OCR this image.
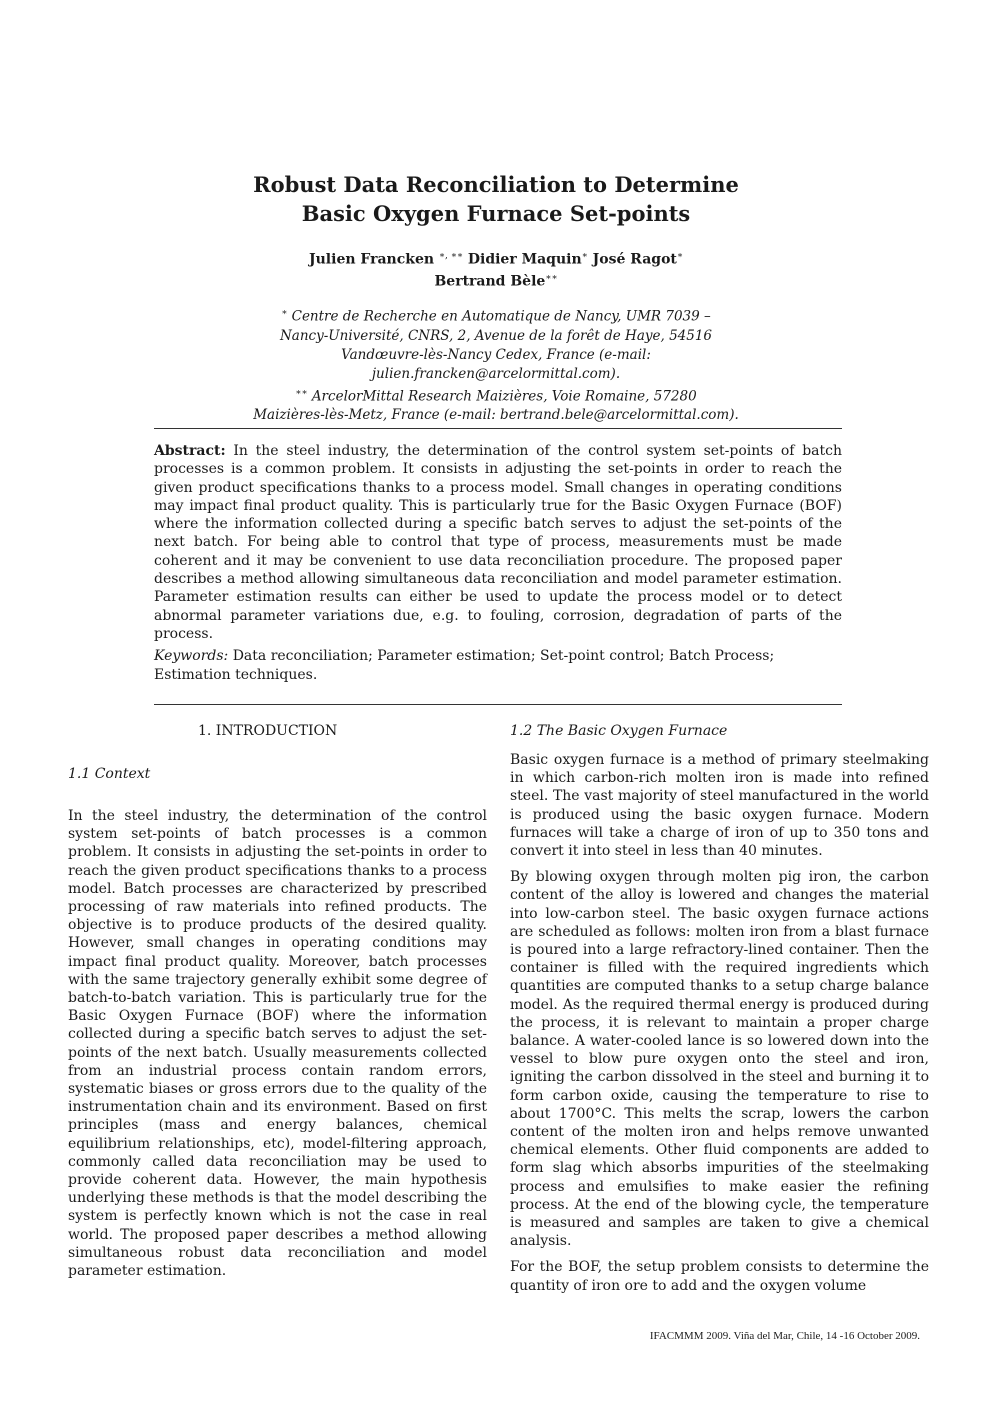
Robust Data Reconciliation to Determine
Basic Oxygen Furnace Set-points
Julien Francken ∗, ∗∗ Didier Maquin∗ José Ragot∗
Bertrand Bèle∗∗
∗ Centre de Recherche en Automatique de Nancy, UMR 7039 –
Nancy-Université, CNRS, 2, Avenue de la forêt de Haye, 54516
Vandœuvre-lès-Nancy Cedex, France (e-mail:
julien.francken@arcelormittal.com).
∗∗ ArcelorMittal Research Maizières, Voie Romaine, 57280
Maizières-lès-Metz, France (e-mail: bertrand.bele@arcelormittal.com).
Abstract: In the steel industry, the determination of the control system set-points of batch processes is a common problem. It consists in adjusting the set-points in order to reach the given product specifications thanks to a process model. Small changes in operating conditions may impact final product quality. This is particularly true for the Basic Oxygen Furnace (BOF) where the information collected during a specific batch serves to adjust the set-points of the next batch. For being able to control that type of process, measurements must be made coherent and it may be convenient to use data reconciliation procedure. The proposed paper describes a method allowing simultaneous data reconciliation and model parameter estimation. Parameter estimation results can either be used to update the process model or to detect abnormal parameter variations due, e.g. to fouling, corrosion, degradation of parts of the process.
Keywords: Data reconciliation; Parameter estimation; Set-point control; Batch Process; Estimation techniques.
1. INTRODUCTION
1.1 Context

In the steel industry, the determination of the control system set-points of batch processes is a common problem. It consists in adjusting the set-points in order to reach the given product specifications thanks to a process model. Batch processes are characterized by prescribed processing of raw materials into refined products. The objective is to produce products of the desired quality. However, small changes in operating conditions may impact final product quality. Moreover, batch processes with the same trajectory generally exhibit some degree of batch-to-batch variation. This is particularly true for the Basic Oxygen Furnace (BOF) where the information collected during a specific batch serves to adjust the set-points of the next batch. Usually measurements collected from an industrial process contain random errors, systematic biases or gross errors due to the quality of the instrumentation chain and its environment. Based on first principles (mass and energy balances, chemical equilibrium relationships, etc), model-filtering approach, commonly called data reconciliation may be used to provide coherent data. However, the main hypothesis underlying these methods is that the model describing the system is perfectly known which is not the case in real world. The proposed paper describes a method allowing simultaneous robust data reconciliation and model parameter estimation.

1.2 The Basic Oxygen Furnace

Basic oxygen furnace is a method of primary steelmaking in which carbon-rich molten iron is made into refined steel. The vast majority of steel manufactured in the world is produced using the basic oxygen furnace. Modern furnaces will take a charge of iron of up to 350 tons and convert it into steel in less than 40 minutes.

By blowing oxygen through molten pig iron, the carbon content of the alloy is lowered and changes the material into low-carbon steel. The basic oxygen furnace actions are scheduled as follows: molten iron from a blast furnace is poured into a large refractory-lined container. Then the container is filled with the required ingredients which quantities are computed thanks to a setup charge balance model. As the required thermal energy is produced during the process, it is relevant to maintain a proper charge balance. A water-cooled lance is so lowered down into the vessel to blow pure oxygen onto the steel and iron, igniting the carbon dissolved in the steel and burning it to form carbon oxide, causing the temperature to rise to about 1700°C. This melts the scrap, lowers the carbon content of the molten iron and helps remove unwanted chemical elements. Other fluid components are added to form slag which absorbs impurities of the steelmaking process and emulsifies to make easier the refining process. At the end of the blowing cycle, the temperature is measured and samples are taken to give a chemical analysis.

For the BOF, the setup problem consists to determine the quantity of iron ore to add and the oxygen volume

IFACMMM 2009. Viña del Mar, Chile, 14 -16 October 2009.
